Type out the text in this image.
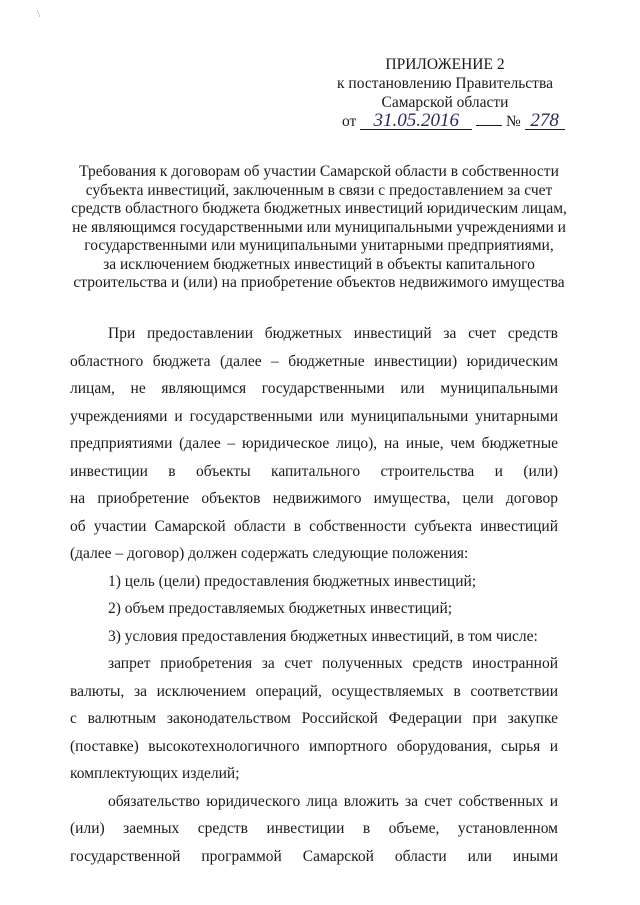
\
ПРИЛОЖЕНИЕ 2
к постановлению Правительства
Самарской области
от 31.05.2016	№ 278
Требования к договорам об участии Самарской области в собственности
субъекта инвестиций, заключенным в связи с предоставлением за счет
средств областного бюджета бюджетных инвестиций юридическим лицам,
не являющимся государственными или муниципальными учреждениями и
государственными или муниципальными унитарными предприятиями,
за исключением бюджетных инвестиций в объекты капитального
строительства и (или) на приобретение объектов недвижимого имущества
При предоставлении бюджетных инвестиций за счет средств
областного бюджета (далее – бюджетные инвестиции) юридическим
лицам, не являющимся государственными или муниципальными
учреждениями и государственными или муниципальными унитарными
предприятиями (далее – юридическое лицо), на иные, чем бюджетные
инвестиции в объекты капитального строительства и (или)
на приобретение объектов недвижимого имущества, цели договор
об участии Самарской области в собственности субъекта инвестиций
(далее – договор) должен содержать следующие положения:
1) цель (цели) предоставления бюджетных инвестиций;
2) объем предоставляемых бюджетных инвестиций;
3) условия предоставления бюджетных инвестиций, в том числе:
запрет приобретения за счет полученных средств иностранной
валюты, за исключением операций, осуществляемых в соответствии
с валютным законодательством Российской Федерации при закупке
(поставке) высокотехнологичного импортного оборудования, сырья и
комплектующих изделий;
обязательство юридического лица вложить за счет собственных и
(или) заемных средств инвестиции в объеме, установленном
государственной программой Самарской области или иными
